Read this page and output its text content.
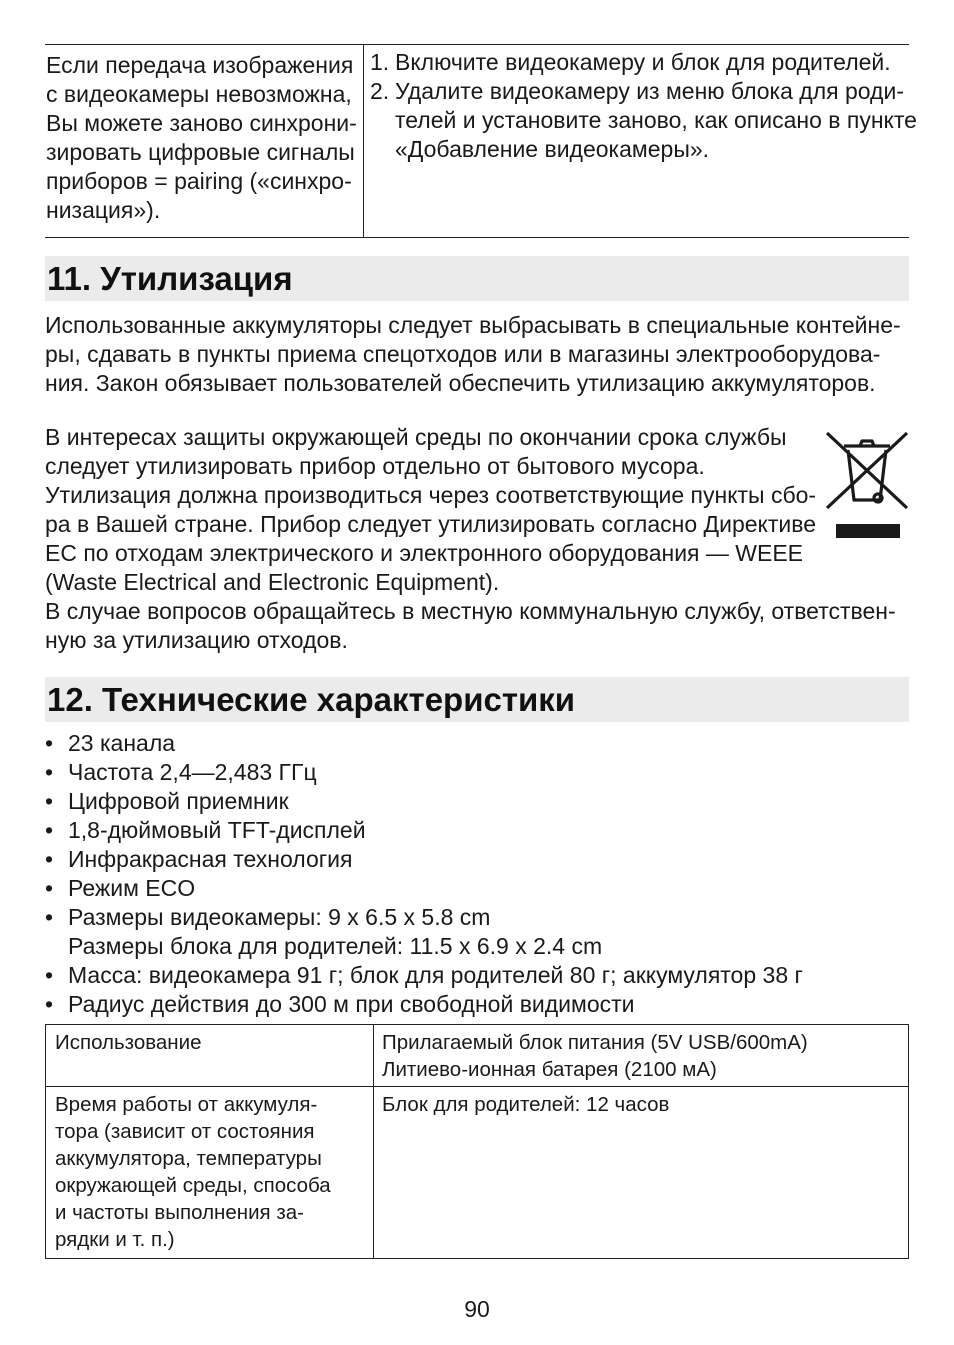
Если передача изображения
с видеокамеры невозможна,
Вы можете заново синхрони-
зировать цифровые сигналы
приборов = pairing («синхро-
низация»).
1. Включите видеокамеру и блок для родителей.
2. Удалите видеокамеру из меню блока для роди-
телей и установите заново, как описано в пункте
«Добавление видеокамеры».
11. Утилизация
Использованные аккумуляторы следует выбрасывать в специальные контейне-
ры, сдавать в пункты приема спецотходов или в магазины электрооборудова-
ния. Закон обязывает пользователей обеспечить утилизацию аккумуляторов.
В интересах защиты окружающей среды по окончании срока службы
следует утилизировать прибор отдельно от бытового мусора.
Утилизация должна производиться через соответствующие пункты сбо-
ра в Вашей стране. Прибор следует утилизировать согласно Директиве
ЕС по отходам электрического и электронного оборудования — WEEE
(Waste Electrical and Electronic Equipment).
В случае вопросов обращайтесь в местную коммунальную службу, ответствен-
ную за утилизацию отходов.
12. Технические характеристики
• 23 канала
• Частота 2,4—2,483 ГГц
• Цифровой приемник
• 1,8-дюймовый TFT-дисплей
• Инфракрасная технология
• Режим ECO
• Размеры видеокамеры: 9 x 6.5 x 5.8 cm
Размеры блока для родителей: 11.5 x 6.9 x 2.4 cm
• Масса: видеокамера 91 г; блок для родителей 80 г; аккумулятор 38 г
• Радиус действия до 300 м при свободной видимости
Использование	Прилагаемый блок питания (5V USB/600mA)
Литиево-ионная батарея (2100 мА)
Время работы от аккумуля-
тора (зависит от состояния
аккумулятора, температуры
окружающей среды, способа
и частоты выполнения за-
рядки и т. п.)
Блок для родителей: 12 часов
90
